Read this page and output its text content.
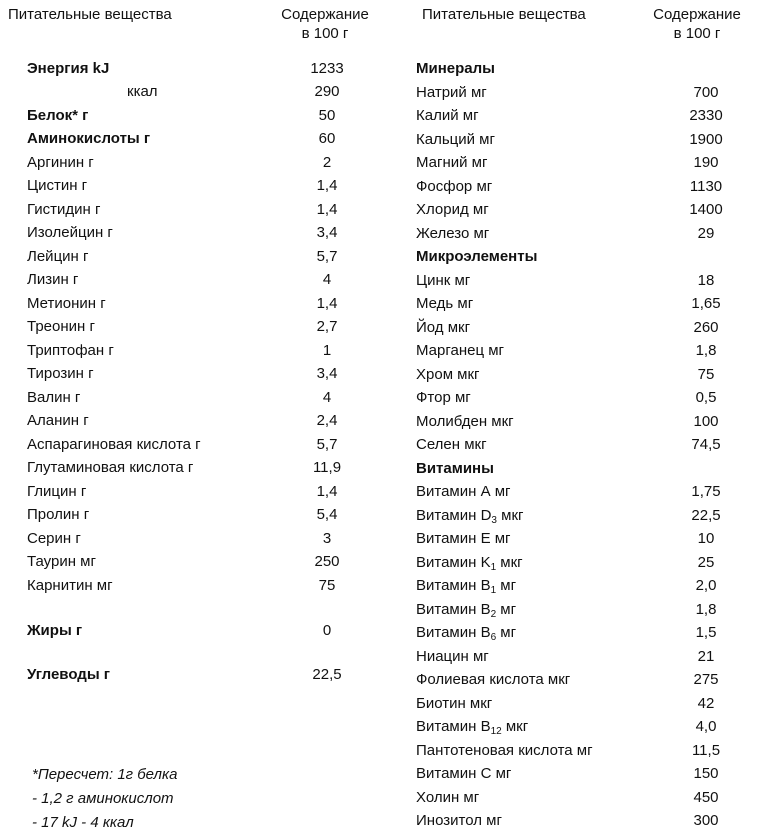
Питательные вещества	Содержание
в 100 г
Питательные вещества	Содержание
в 100 г
Энергия kJ	1233
ккал	290
Белок* г	50
Аминокислоты г	60
Аргинин г	2
Цистин г	1,4
Гистидин г	1,4
Изолейцин г	3,4
Лейцин г	5,7
Лизин г	4
Метионин г	1,4
Треонин г	2,7
Триптофан г	1
Тирозин г	3,4
Валин г	4
Аланин г	2,4
Аспарагиновая кислота г	5,7
Глутаминовая кислота г	11,9
Глицин г	1,4
Пролин г	5,4
Серин г	3
Таурин мг	250
Карнитин мг	75
Жиры г	0
Углеводы г	22,5
Минералы
Натрий мг	700
Калий мг	2330
Кальций мг	1900
Магний мг	190
Фосфор мг	1130
Хлорид мг	1400
Железо мг	29
Микроэлементы
Цинк мг	18
Медь мг	1,65
Йод мкг	260
Марганец мг	1,8
Хром мкг	75
Фтор мг	0,5
Молибден мкг	100
Селен мкг	74,5
Витамины
Витамин А мг	1,75
Витамин $D_3$ мкг	22,5
Витамин Е мг	10
Витамин $K_1$ мкг	25
Витамин $B_1$ мг	2,0
Витамин $B_2$ мг	1,8
Витамин $B_6$ мг	1,5
Ниацин мг	21
Фолиевая кислота мкг	275
Биотин мкг	42
Витамин $B_{12}$ мкг	4,0
Пантотеновая кислота мг	11,5
Витамин С мг	150
Холин мг	450
Инозитол мг	300
*Пересчет: 1г белка
- 1,2 г аминокислот
- 17 kJ - 4 ккал
